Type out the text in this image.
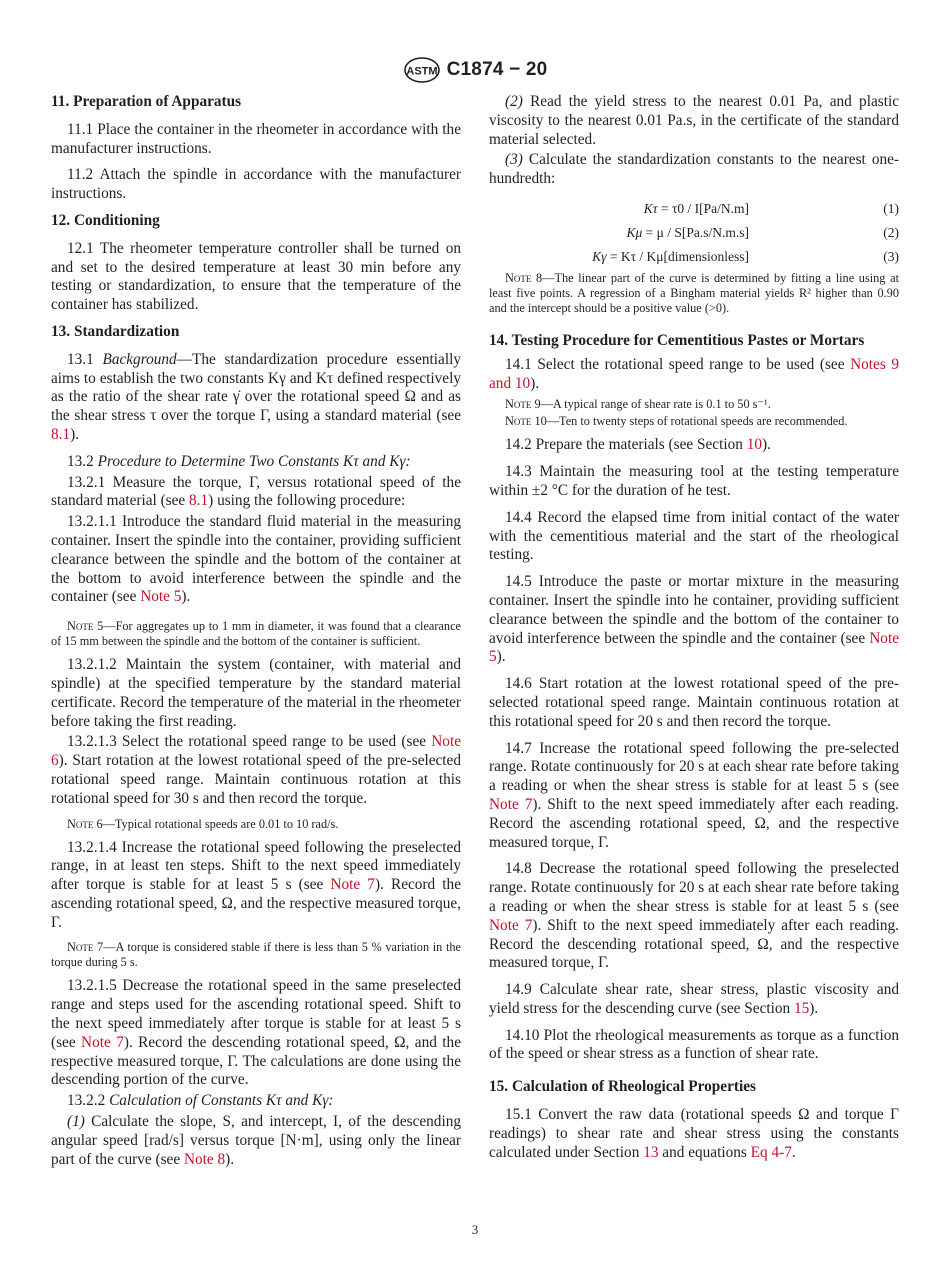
ASTM C1874 − 20

11. Preparation of Apparatus

11.1 Place the container in the rheometer in accordance with the manufacturer instructions.

11.2 Attach the spindle in accordance with the manufacturer instructions.

12. Conditioning

12.1 The rheometer temperature controller shall be turned on and set to the desired temperature at least 30 min before any testing or standardization, to ensure that the temperature of the container has stabilized.

13. Standardization

13.1 Background—The standardization procedure essentially aims to establish the two constants Kγ and Kτ defined respectively as the ratio of the shear rate γ̇ over the rotational speed Ω and as the shear stress τ over the torque Γ, using a standard material (see 8.1).

13.2 Procedure to Determine Two Constants Kτ and Kγ:

13.2.1 Measure the torque, Γ, versus rotational speed of the standard material (see 8.1) using the following procedure:

13.2.1.1 Introduce the standard fluid material in the measuring container. Insert the spindle into the container, providing sufficient clearance between the spindle and the bottom of the container at the bottom to avoid interference between the spindle and the container (see Note 5).

Note 5—For aggregates up to 1 mm in diameter, it was found that a clearance of 15 mm between the spindle and the bottom of the container is sufficient.

13.2.1.2 Maintain the system (container, with material and spindle) at the specified temperature by the standard material certificate. Record the temperature of the material in the rheometer before taking the first reading.

13.2.1.3 Select the rotational speed range to be used (see Note 6). Start rotation at the lowest rotational speed of the pre-selected rotational speed range. Maintain continuous rotation at this rotational speed for 30 s and then record the torque.

Note 6—Typical rotational speeds are 0.01 to 10 rad/s.

13.2.1.4 Increase the rotational speed following the preselected range, in at least ten steps. Shift to the next speed immediately after torque is stable for at least 5 s (see Note 7). Record the ascending rotational speed, Ω, and the respective measured torque, Γ.

Note 7—A torque is considered stable if there is less than 5 % variation in the torque during 5 s.

13.2.1.5 Decrease the rotational speed in the same preselected range and steps used for the ascending rotational speed. Shift to the next speed immediately after torque is stable for at least 5 s (see Note 7). Record the descending rotational speed, Ω, and the respective measured torque, Γ. The calculations are done using the descending portion of the curve.

13.2.2 Calculation of Constants Kτ and Kγ:

(1) Calculate the slope, S, and intercept, I, of the descending angular speed [rad/s] versus torque [N·m], using only the linear part of the curve (see Note 8).

(2) Read the yield stress to the nearest 0.01 Pa, and plastic viscosity to the nearest 0.01 Pa.s, in the certificate of the standard material selected.

(3) Calculate the standardization constants to the nearest one-hundredth:

Kτ = τ0 / I[Pa/N.m]	(1)
Kμ = μ / S[Pa.s/N.m.s]	(2)
Kγ = Kτ / Kμ[dimensionless]	(3)

Note 8—The linear part of the curve is determined by fitting a line using at least five points. A regression of a Bingham material yields R² higher than 0.90 and the intercept should be a positive value (>0).

14. Testing Procedure for Cementitious Pastes or Mortars

14.1 Select the rotational speed range to be used (see Notes 9 and 10).

Note 9—A typical range of shear rate is 0.1 to 50 s⁻¹.

Note 10—Ten to twenty steps of rotational speeds are recommended.

14.2 Prepare the materials (see Section 10).

14.3 Maintain the measuring tool at the testing temperature within ±2 °C for the duration of he test.

14.4 Record the elapsed time from initial contact of the water with the cementitious material and the start of the rheological testing.

14.5 Introduce the paste or mortar mixture in the measuring container. Insert the spindle into he container, providing sufficient clearance between the spindle and the bottom of the container to avoid interference between the spindle and the container (see Note 5).

14.6 Start rotation at the lowest rotational speed of the pre-selected rotational speed range. Maintain continuous rotation at this rotational speed for 20 s and then record the torque.

14.7 Increase the rotational speed following the pre-selected range. Rotate continuously for 20 s at each shear rate before taking a reading or when the shear stress is stable for at least 5 s (see Note 7). Shift to the next speed immediately after each reading. Record the ascending rotational speed, Ω, and the respective measured torque, Γ.

14.8 Decrease the rotational speed following the preselected range. Rotate continuously for 20 s at each shear rate before taking a reading or when the shear stress is stable for at least 5 s (see Note 7). Shift to the next speed immediately after each reading. Record the descending rotational speed, Ω, and the respective measured torque, Γ.

14.9 Calculate shear rate, shear stress, plastic viscosity and yield stress for the descending curve (see Section 15).

14.10 Plot the rheological measurements as torque as a function of the speed or shear stress as a function of shear rate.

15. Calculation of Rheological Properties

15.1 Convert the raw data (rotational speeds Ω and torque Γ readings) to shear rate and shear stress using the constants calculated under Section 13 and equations Eq 4-7.

3
